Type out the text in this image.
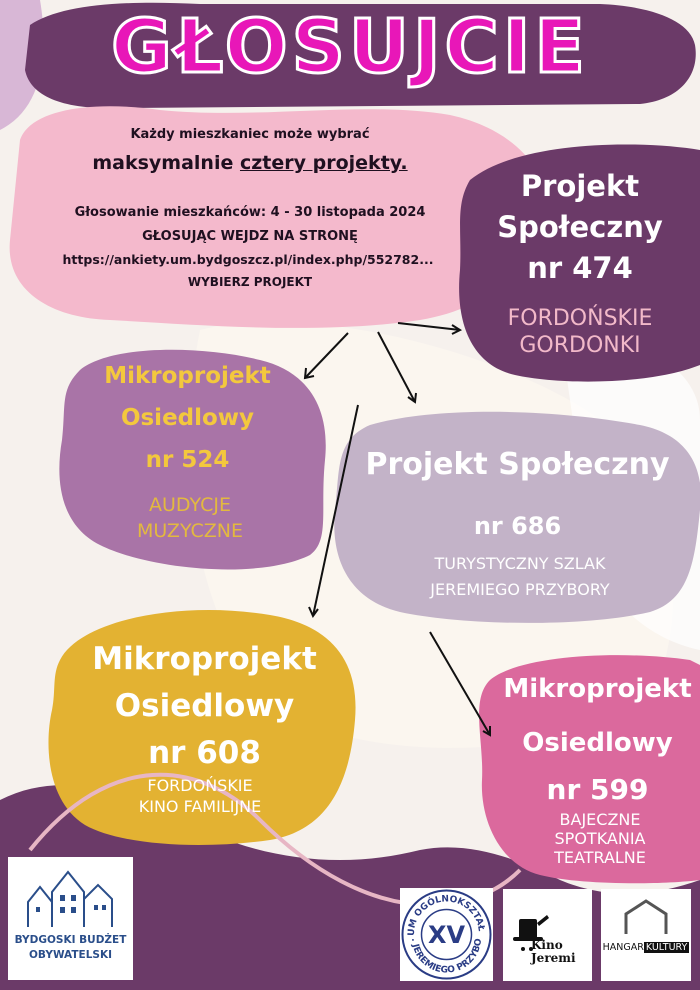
GŁOSUJCIE
Każdy mieszkaniec może wybrać
maksymalnie cztery projekty.
Głosowanie mieszkańców: 4 - 30 listopada 2024
GŁOSUJĄC WEJDZ NA STRONĘ
https://ankiety.um.bydgoszcz.pl/index.php/552782...
WYBIERZ PROJEKT
Projekt
Społeczny
nr 474
FORDOŃSKIE
GORDONKI
Mikroprojekt
Osiedlowy
nr 524
AUDYCJE
MUZYCZNE
Projekt Społeczny
nr 686
TURYSTYCZNY SZLAK
JEREMIEGO PRZYBORY
Mikroprojekt
Osiedlowy
nr 608
FORDOŃSKIE
KINO FAMILIJNE
Mikroprojekt
Osiedlowy
nr 599
BAJECZNE
SPOTKANIA
TEATRALNE
BYDGOSKI BUDŻET
OBYWATELSKI
UM OGÓLNOKSZTAŁ
. JEREMIEGO PRZYBO
XV	Kino
Jeremi
HANGAR KULTURY
